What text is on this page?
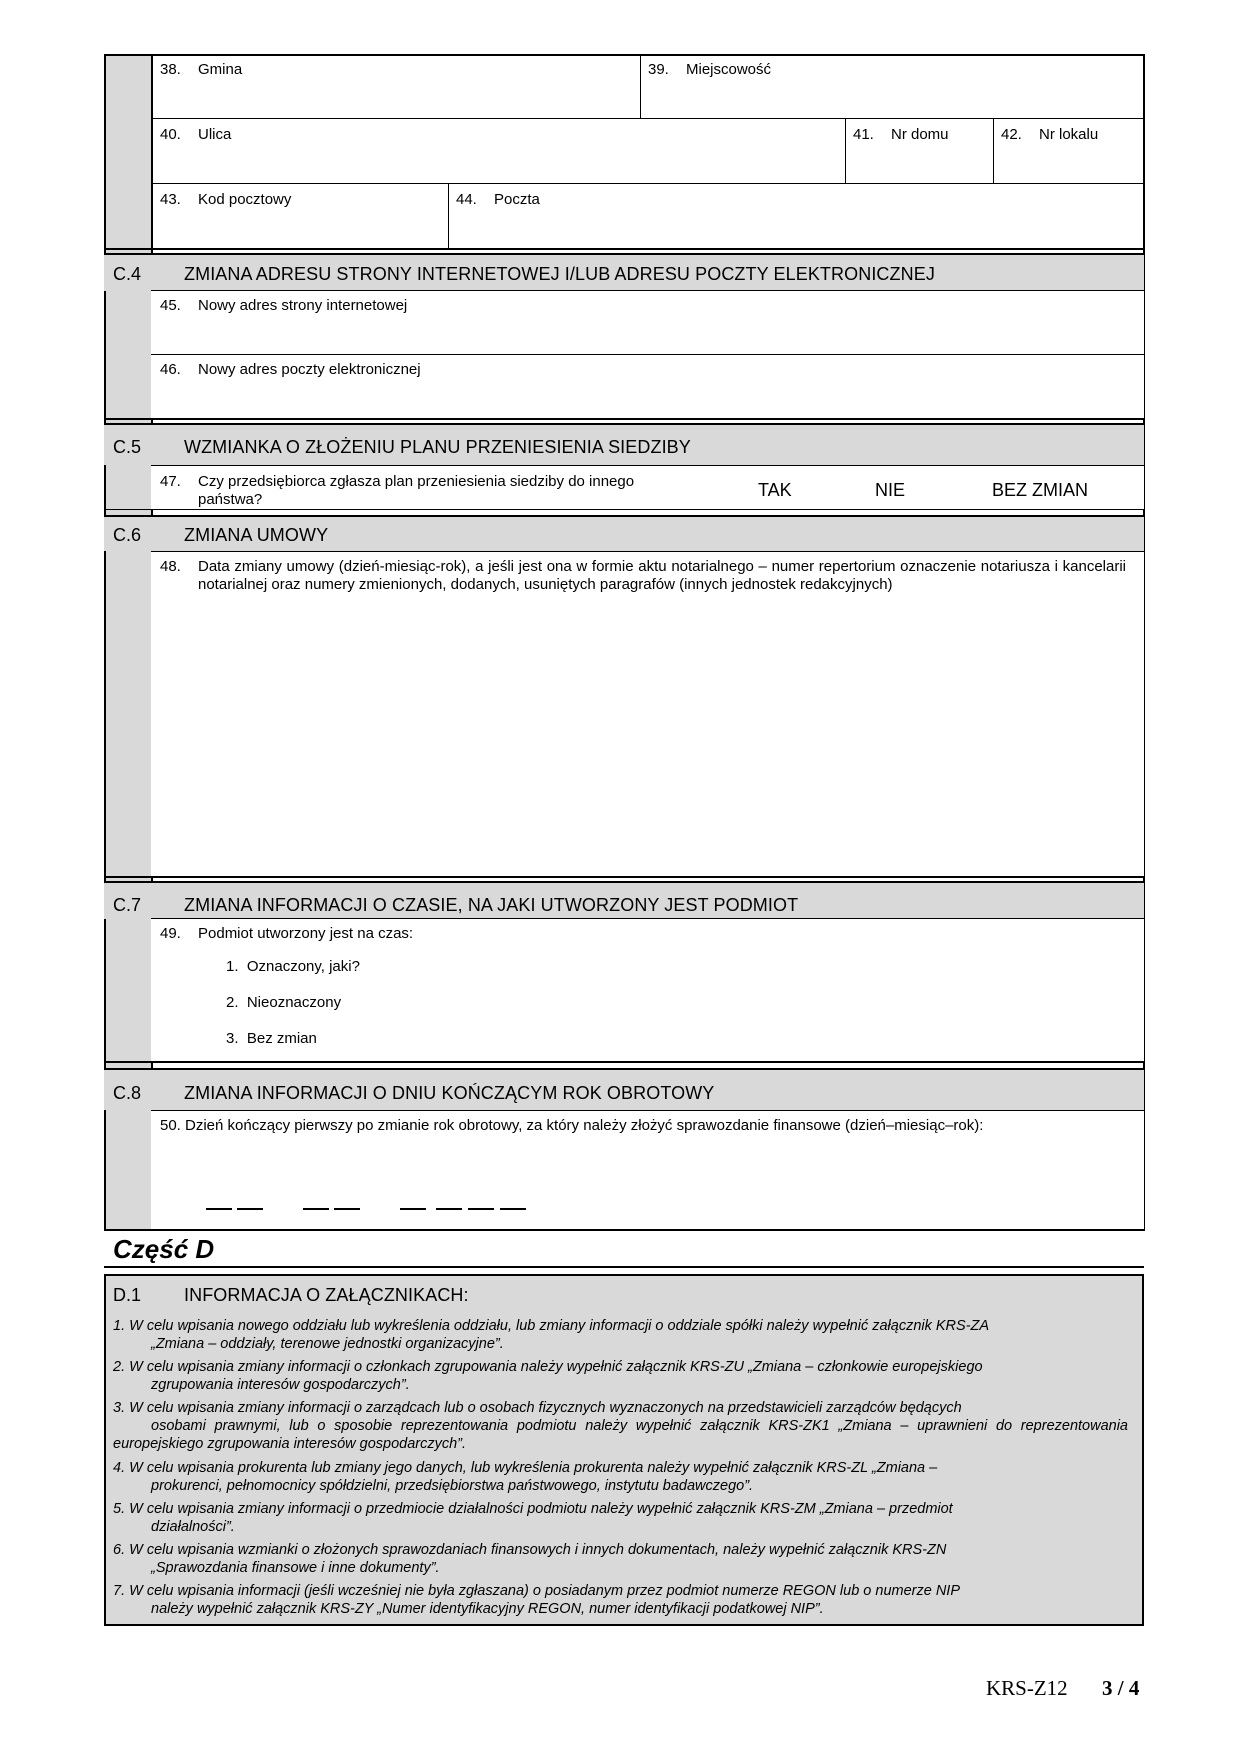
38. Gmina	39. Miejscowość
40. Ulica	41. Nr domu	42. Nr lokalu
43. Kod pocztowy	44. Poczta
C.4 ZMIANA ADRESU STRONY INTERNETOWEJ I/LUB ADRESU POCZTY ELEKTRONICZNEJ
45. Nowy adres strony internetowej
46. Nowy adres poczty elektronicznej
C.5 WZMIANKA O ZŁOŻENIU PLANU PRZENIESIENIA SIEDZIBY
47. Czy przedsiębiorca zgłasza plan przeniesienia siedziby do innego
państwa?	TAK	NIE	BEZ ZMIAN
C.6 ZMIANA UMOWY
48.	Data zmiany umowy (dzień-miesiąc-rok), a jeśli jest ona w formie aktu notarialnego – numer repertorium oznaczenie notariusza i kancelarii notarialnej oraz numery zmienionych, dodanych, usuniętych paragrafów (innych jednostek redakcyjnych)
C.7 ZMIANA INFORMACJI O CZASIE, NA JAKI UTWORZONY JEST PODMIOT
49. Podmiot utworzony jest na czas:
1.  Oznaczony, jaki?
2.  Nieoznaczony
3.  Bez zmian
C.8 ZMIANA INFORMACJI O DNIU KOŃCZĄCYM ROK OBROTOWY
50. Dzień kończący pierwszy po zmianie rok obrotowy, za który należy złożyć sprawozdanie finansowe (dzień–miesiąc–rok):
Część D
D.1 INFORMACJA O ZAŁĄCZNIKACH:
1. W celu wpisania nowego oddziału lub wykreślenia oddziału, lub zmiany informacji o oddziale spółki należy wypełnić załącznik KRS-ZA
„Zmiana – oddziały, terenowe jednostki organizacyjne”.
2. W celu wpisania zmiany informacji o członkach zgrupowania należy wypełnić załącznik KRS-ZU „Zmiana – członkowie europejskiego
zgrupowania interesów gospodarczych”.
3. W celu wpisania zmiany informacji o zarządcach lub o osobach fizycznych wyznaczonych na przedstawicieli zarządców będących
osobami prawnymi, lub o sposobie reprezentowania podmiotu należy wypełnić załącznik KRS-ZK1 „Zmiana – uprawnieni do reprezentowania europejskiego zgrupowania interesów gospodarczych”.
4. W celu wpisania prokurenta lub zmiany jego danych, lub wykreślenia prokurenta należy wypełnić załącznik KRS-ZL „Zmiana –
prokurenci, pełnomocnicy spółdzielni, przedsiębiorstwa państwowego, instytutu badawczego”.
5. W celu wpisania zmiany informacji o przedmiocie działalności podmiotu należy wypełnić załącznik KRS-ZM „Zmiana – przedmiot
działalności”.
6. W celu wpisania wzmianki o złożonych sprawozdaniach finansowych i innych dokumentach, należy wypełnić załącznik KRS-ZN
„Sprawozdania finansowe i inne dokumenty”.
7. W celu wpisania informacji (jeśli wcześniej nie była zgłaszana) o posiadanym przez podmiot numerze REGON lub o numerze NIP
należy wypełnić załącznik KRS-ZY „Numer identyfikacyjny REGON, numer identyfikacji podatkowej NIP”.
KRS-Z12 3 / 4
